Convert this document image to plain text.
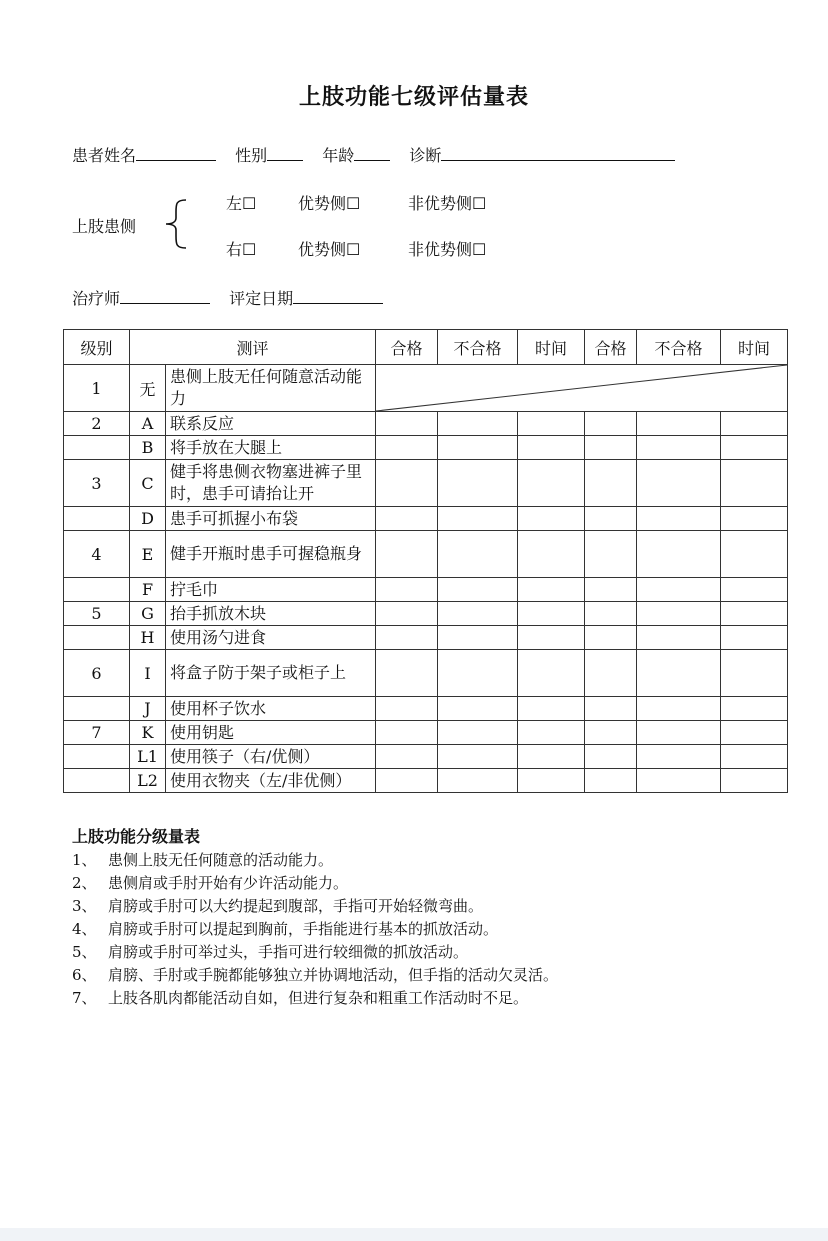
上肢功能七级评估量表
患者姓名	性别	年龄	诊断
上肢患侧
左☐	优势侧☐	非优势侧☐
右☐	优势侧☐	非优势侧☐
治疗师	评定日期
级别	测评		合格	不合格	时间	合格	不合格	时间
1	无	患侧上肢无任何随意活动能力	

2	A	联系反应						
	B	将手放在大腿上						
3	C	健手将患侧衣物塞进裤子里时，患手可请抬让开						
	D	患手可抓握小布袋						
4	E	健手开瓶时患手可握稳瓶身						
	F	拧毛巾						
5	G	抬手抓放木块						
	H	使用汤勺进食						
6	I	将盒子防于架子或柜子上						
	J	使用杯子饮水						
7	K	使用钥匙						
	L1	使用筷子（右/优侧）						
	L2	使用衣物夹（左/非优侧）						
上肢功能分级量表
1、 患侧上肢无任何随意的活动能力。
2、 患侧肩或手肘开始有少许活动能力。
3、 肩膀或手肘可以大约提起到腹部，手指可开始轻微弯曲。
4、 肩膀或手肘可以提起到胸前，手指能进行基本的抓放活动。
5、 肩膀或手肘可举过头，手指可进行较细微的抓放活动。
6、 肩膀、手肘或手腕都能够独立并协调地活动，但手指的活动欠灵活。
7、 上肢各肌肉都能活动自如，但进行复杂和粗重工作活动时不足。
